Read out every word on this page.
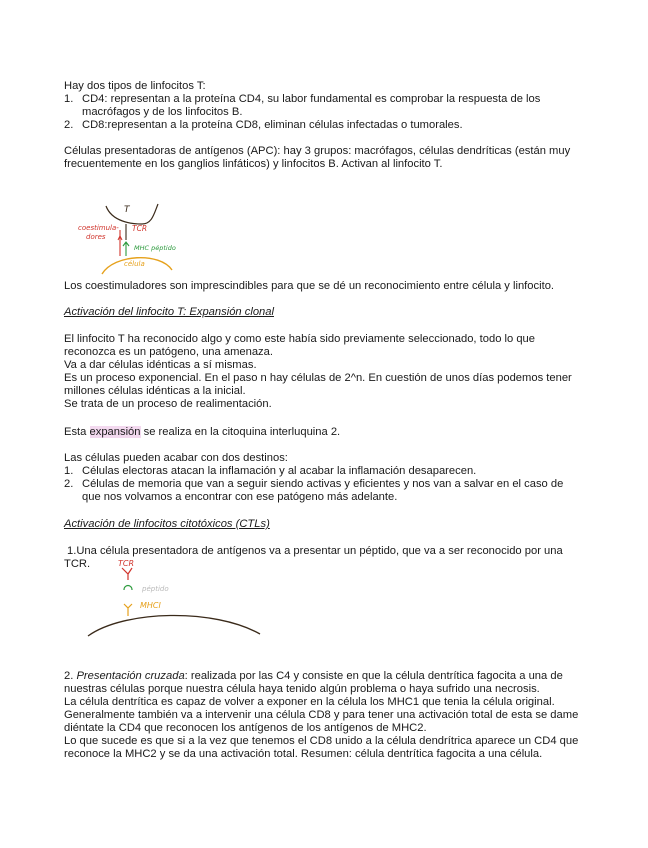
Hay dos tipos de linfocitos T:

1. CD4: representan a la proteína CD4, su labor fundamental es comprobar la respuesta de los

macrófagos y de los linfocitos B.

2. CD8:representan a la proteína CD8, eliminan células infectadas o tumorales.

Células presentadoras de antígenos (APC): hay 3 grupos: macrófagos, células dendríticas (están muy

frecuentemente en los ganglios linfáticos) y linfocitos B. Activan al linfocito T.

T
coestimula-
dores
TCR
MHC péptido
célula

Los coestimuladores son imprescindibles para que se dé un reconocimiento entre célula y linfocito.

Activación del linfocito T: Expansión clonal

El linfocito T ha reconocido algo y como este había sido previamente seleccionado, todo lo que

reconozca es un patógeno, una amenaza.

Va a dar células idénticas a sí mismas.

Es un proceso exponencial. En el paso n hay células de 2^n. En cuestión de unos días podemos tener

millones células idénticas a la inicial.

Se trata de un proceso de realimentación.

Esta expansión se realiza en la citoquina interluquina 2.

Las células pueden acabar con dos destinos:

1. Células electoras atacan la inflamación y al acabar la inflamación desaparecen.

2. Células de memoria que van a seguir siendo activas y eficientes y nos van a salvar en el caso de

que nos volvamos a encontrar con ese patógeno más adelante.

Activación de linfocitos citotóxicos (CTLs)

1.Una célula presentadora de antígenos va a presentar un péptido, que va a ser reconocido por una

TCR.	TCR
péptido
MHCI

2. Presentación cruzada: realizada por las C4 y consiste en que la célula dentrítica fagocita a una de

nuestras células porque nuestra célula haya tenido algún problema o haya sufrido una necrosis.

La célula dentrítica es capaz de volver a exponer en la célula los MHC1 que tenia la célula original.

Generalmente también va a intervenir una célula CD8 y para tener una activación total de esta se dame

diéntate la CD4 que reconocen los antígenos de los antígenos de MHC2.

Lo que sucede es que si a la vez que tenemos el CD8 unido a la célula dendrítrica aparece un CD4 que

reconoce la MHC2 y se da una activación total. Resumen: célula dentrítica fagocita a una célula.
